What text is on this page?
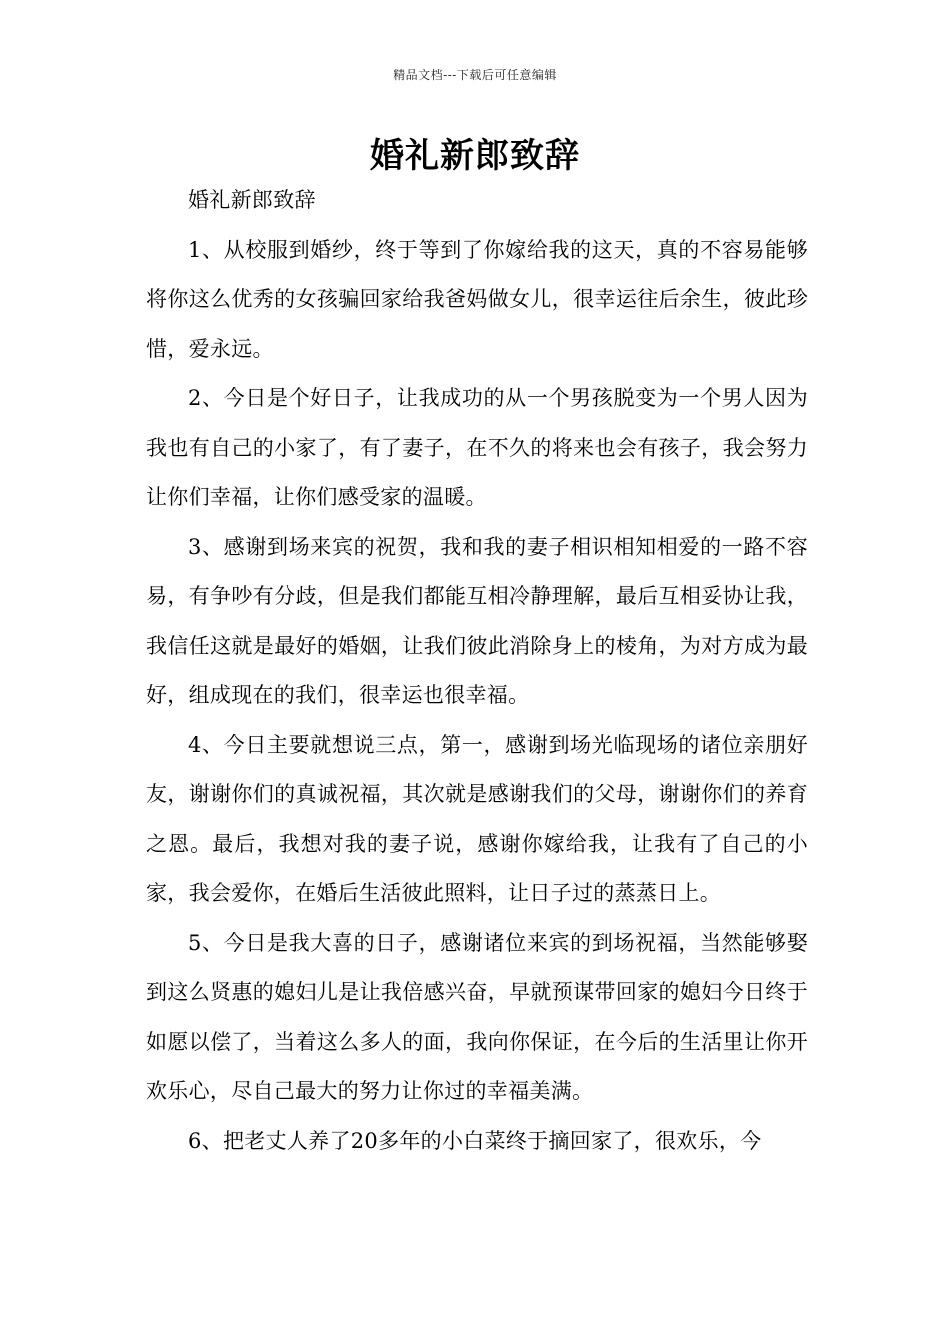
精品文档---下载后可任意编辑
婚礼新郎致辞

婚礼新郎致辞

1、从校服到婚纱，终于等到了你嫁给我的这天，真的不容易能够将你这么优秀的女孩骗回家给我爸妈做女儿，很幸运往后余生，彼此珍惜，爱永远。

2、今日是个好日子，让我成功的从一个男孩脱变为一个男人因为我也有自己的小家了，有了妻子，在不久的将来也会有孩子，我会努力让你们幸福，让你们感受家的温暖。

3、感谢到场来宾的祝贺，我和我的妻子相识相知相爱的一路不容易，有争吵有分歧，但是我们都能互相冷静理解，最后互相妥协让我，我信任这就是最好的婚姻，让我们彼此消除身上的棱角，为对方成为最好，组成现在的我们，很幸运也很幸福。

4、今日主要就想说三点，第一，感谢到场光临现场的诸位亲朋好友，谢谢你们的真诚祝福，其次就是感谢我们的父母，谢谢你们的养育之恩。最后，我想对我的妻子说，感谢你嫁给我，让我有了自己的小家，我会爱你，在婚后生活彼此照料，让日子过的蒸蒸日上。

5、今日是我大喜的日子，感谢诸位来宾的到场祝福，当然能够娶到这么贤惠的媳妇儿是让我倍感兴奋，早就预谋带回家的媳妇今日终于如愿以偿了，当着这么多人的面，我向你保证，在今后的生活里让你开欢乐心，尽自己最大的努力让你过的幸福美满。

6、把老丈人养了20多年的小白菜终于摘回家了，很欢乐，今
